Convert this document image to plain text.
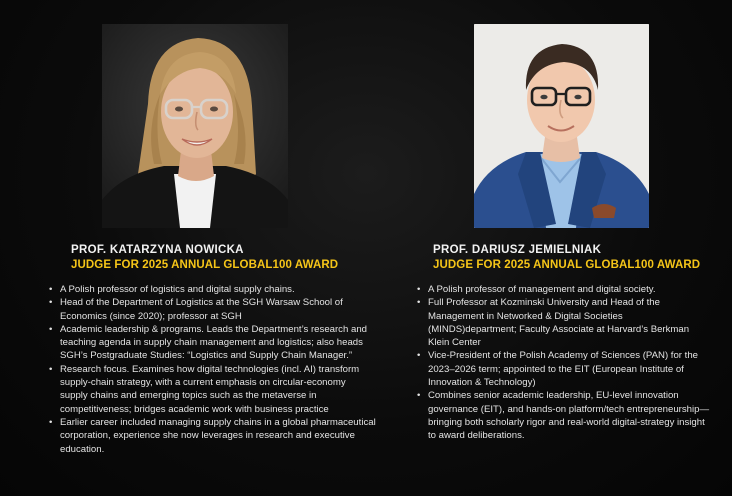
PROF. KATARZYNA NOWICKA
JUDGE FOR 2025 ANNUAL GLOBAL100 AWARD
• A Polish professor of logistics and digital supply chains.
• Head of the Department of Logistics at the SGH Warsaw School of Economics (since 2020); professor at SGH
• Academic leadership & programs. Leads the Department’s research and teaching agenda in supply chain management and logistics; also heads SGH’s Postgraduate Studies: “Logistics and Supply Chain Manager.”
• Research focus. Examines how digital technologies (incl. AI) transform supply-chain strategy, with a current emphasis on circular-economy supply chains and emerging topics such as the metaverse in competitiveness; bridges academic work with business practice
• Earlier career included managing supply chains in a global pharmaceutical corporation, experience she now leverages in research and executive education.
PROF. DARIUSZ JEMIELNIAK
JUDGE FOR 2025 ANNUAL GLOBAL100 AWARD
• A Polish professor of management and digital society.
• Full Professor at Kozminski University and Head of the Management in Networked & Digital Societies (MINDS)department; Faculty Associate at Harvard’s Berkman Klein Center
• Vice-President of the Polish Academy of Sciences (PAN) for the 2023–2026 term; appointed to the EIT (European Institute of Innovation & Technology)
• Combines senior academic leadership, EU-level innovation governance (EIT), and hands-on platform/tech entrepreneurship—bringing both scholarly rigor and real-world digital-strategy insight to award deliberations.
